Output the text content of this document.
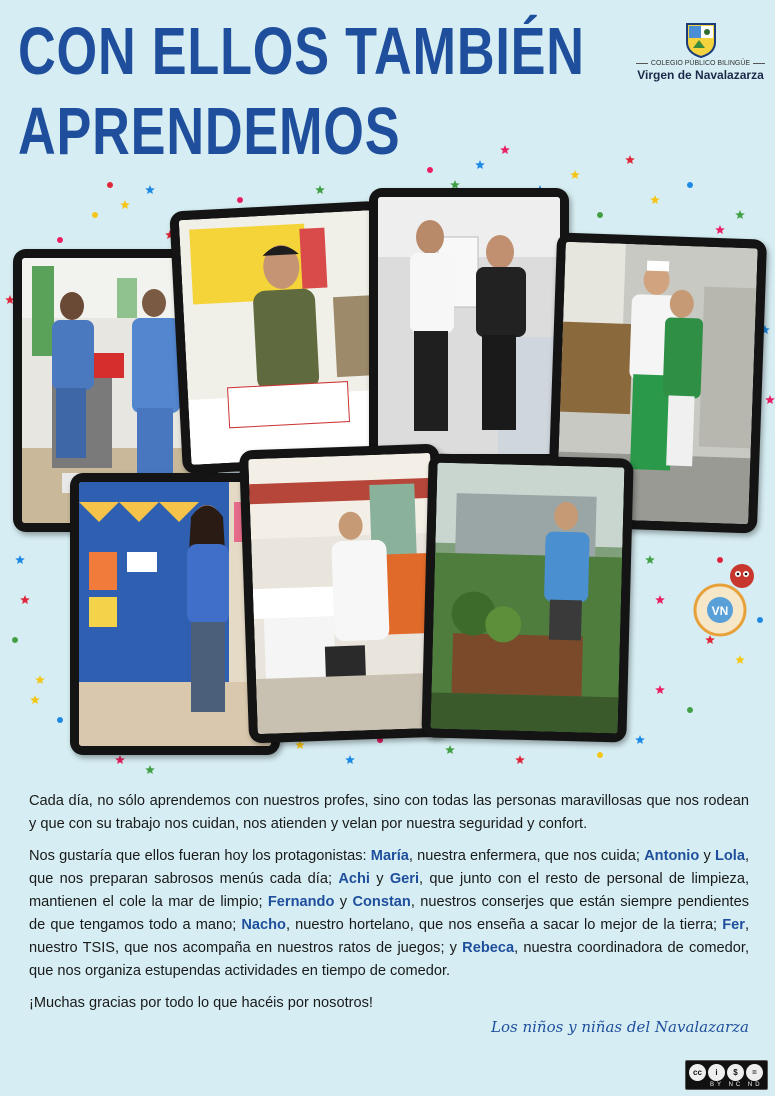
CON ELLOS TAMBIÉN
APRENDEMOS
COLEGIO PÚBLICO BILINGÜE
Virgen de Navalazarza
VN

Cada día, no sólo aprendemos con nuestros profes, sino con todas las personas maravillosas que nos rodean y que con su trabajo nos cuidan, nos atienden y velan por nuestra seguridad y confort.

Nos gustaría que ellos fueran hoy los protagonistas: María, nuestra enfermera, que nos cuida; Antonio y Lola, que nos preparan sabrosos menús cada día; Achi y Geri, que junto con el resto de personal de limpieza, mantienen el cole la mar de limpio; Fernando y Constan, nuestros conserjes que están siempre pendientes de que tengamos todo a mano; Nacho, nuestro hortelano, que nos enseña a sacar lo mejor de la tierra; Fer, nuestro TSIS, que nos acompaña en nuestros ratos de juegos; y Rebeca, nuestra coordinadora de comedor, que nos organiza estupendas actividades en tiempo de comedor.

¡Muchas gracias por todo lo que hacéis por nosotros!

Los niños y niñas del Navalazarza
cc	i	$	=
BY NC ND
